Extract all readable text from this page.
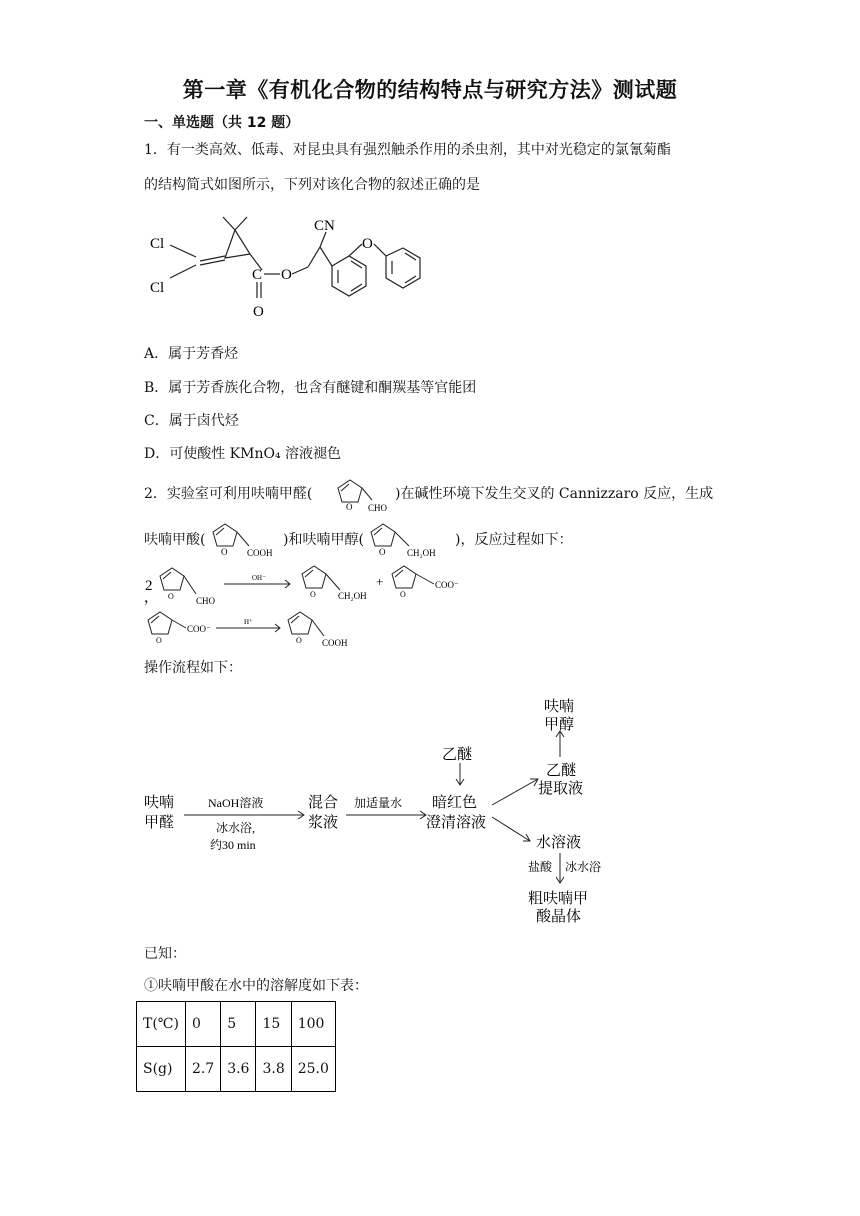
第一章《有机化合物的结构特点与研究方法》测试题
一、单选题（共 12 题）
1．有一类高效、低毒、对昆虫具有强烈触杀作用的杀虫剂，其中对光稳定的氯氰菊酯
的结构简式如图所示，下列对该化合物的叙述正确的是
Cl
Cl
C O
O
CN
O
A．属于芳香烃
B．属于芳香族化合物，也含有醚键和酮羰基等官能团
C．属于卤代烃
D．可使酸性 KMnO₄ 溶液褪色
2．实验室可利用呋喃甲醛(
O CHO
)在碱性环境下发生交叉的 Cannizzaro 反应，生成
呋喃甲酸(
O COOH
)和呋喃甲醇(
O CH₂OH
)，反应过程如下：
2
， O CHO
OH⁻
O CH₂OH
+
O
COO⁻
O
COO⁻
H⁺
O COOH
操作流程如下：
呋喃
甲醛
NaOH溶液
冰水浴,
约30 min
混合
浆液
加适量水
乙醚
暗红色
澄清溶液
呋喃
甲醇
乙醚
提取液
水溶液
盐酸 冰水浴
粗呋喃甲
酸晶体
已知：
①呋喃甲酸在水中的溶解度如下表：
T(℃)	0	5	15	100
S(g)	2.7	3.6	3.8	25.0
